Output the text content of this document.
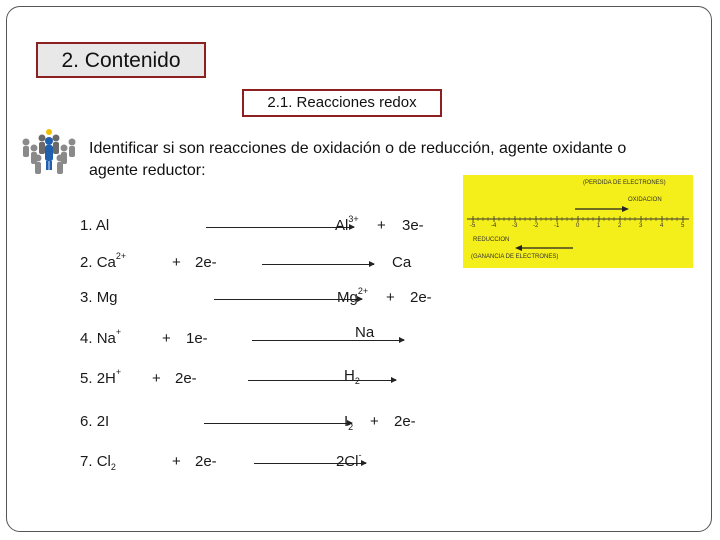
2. Contenido
2.1. Reacciones redox
Identificar si son reacciones de oxidación o de reducción, agente oxidante o agente reductor:
(PERDIDA DE ELECTRONES)
OXIDACION
REDUCCION
(GANANCIA DE ELECTRONES)
-5	-4	-3	-2	-1	0	1	2	3	4	5
1. Al	$Al^{3+} + 3e-$
2. $Ca^{2+}$	+ 2e-	Ca
3. Mg	$Mg^{2+} + 2e-$
4. Na+	+ 1e-	Na
5. 2H+ + 2e-	$H_2$
6. 2I	$I_2 + 2e-$
7. $Cl_2$	+ 2e-	2Cl-
